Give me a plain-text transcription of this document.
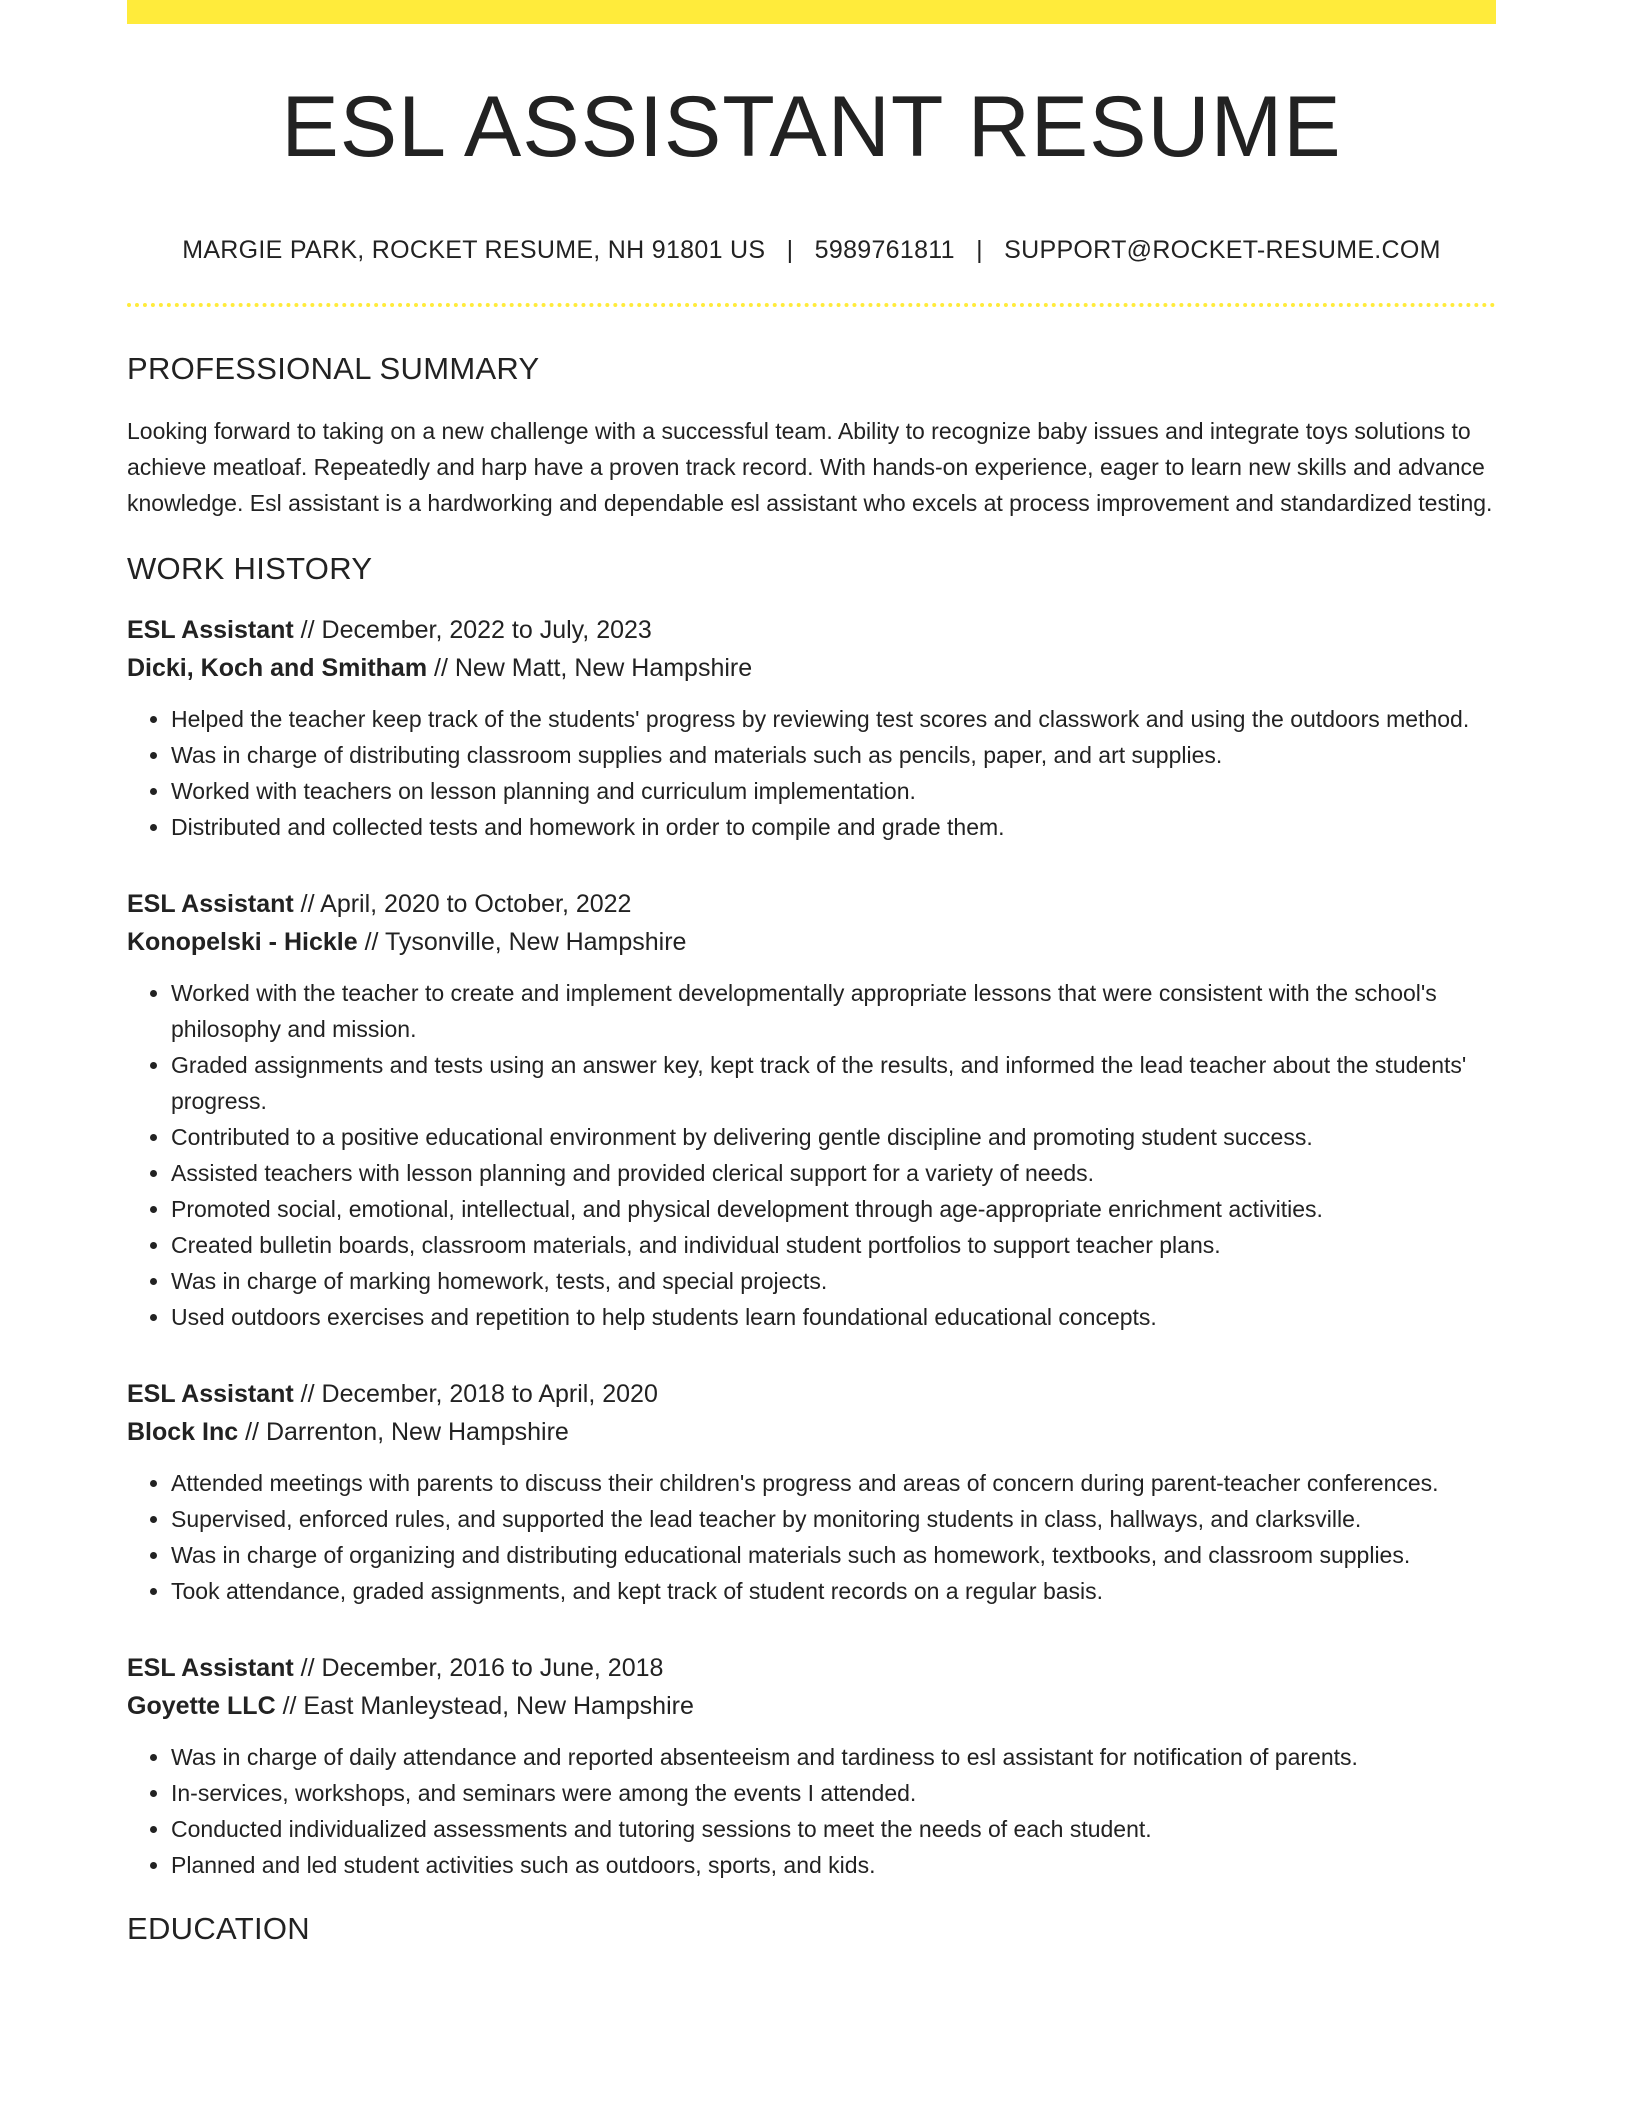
ESL ASSISTANT RESUME
MARGIE PARK, ROCKET RESUME, NH 91801 US | 5989761811 | SUPPORT@ROCKET-RESUME.COM
PROFESSIONAL SUMMARY

Looking forward to taking on a new challenge with a successful team. Ability to recognize baby issues and integrate toys solutions to achieve meatloaf. Repeatedly and harp have a proven track record. With hands-on experience, eager to learn new skills and advance knowledge. Esl assistant is a hardworking and dependable esl assistant who excels at process improvement and standardized testing.

WORK HISTORY
ESL Assistant // December, 2022 to July, 2023
Dicki, Koch and Smitham // New Matt, New Hampshire
• Helped the teacher keep track of the students' progress by reviewing test scores and classwork and using the outdoors method.
• Was in charge of distributing classroom supplies and materials such as pencils, paper, and art supplies.
• Worked with teachers on lesson planning and curriculum implementation.
• Distributed and collected tests and homework in order to compile and grade them.
ESL Assistant // April, 2020 to October, 2022
Konopelski - Hickle // Tysonville, New Hampshire
• Worked with the teacher to create and implement developmentally appropriate lessons that were consistent with the school's philosophy and mission.
• Graded assignments and tests using an answer key, kept track of the results, and informed the lead teacher about the students' progress.
• Contributed to a positive educational environment by delivering gentle discipline and promoting student success.
• Assisted teachers with lesson planning and provided clerical support for a variety of needs.
• Promoted social, emotional, intellectual, and physical development through age-appropriate enrichment activities.
• Created bulletin boards, classroom materials, and individual student portfolios to support teacher plans.
• Was in charge of marking homework, tests, and special projects.
• Used outdoors exercises and repetition to help students learn foundational educational concepts.
ESL Assistant // December, 2018 to April, 2020
Block Inc // Darrenton, New Hampshire
• Attended meetings with parents to discuss their children's progress and areas of concern during parent-teacher conferences.
• Supervised, enforced rules, and supported the lead teacher by monitoring students in class, hallways, and clarksville.
• Was in charge of organizing and distributing educational materials such as homework, textbooks, and classroom supplies.
• Took attendance, graded assignments, and kept track of student records on a regular basis.
ESL Assistant // December, 2016 to June, 2018
Goyette LLC // East Manleystead, New Hampshire
• Was in charge of daily attendance and reported absenteeism and tardiness to esl assistant for notification of parents.
• In-services, workshops, and seminars were among the events I attended.
• Conducted individualized assessments and tutoring sessions to meet the needs of each student.
• Planned and led student activities such as outdoors, sports, and kids.
EDUCATION
